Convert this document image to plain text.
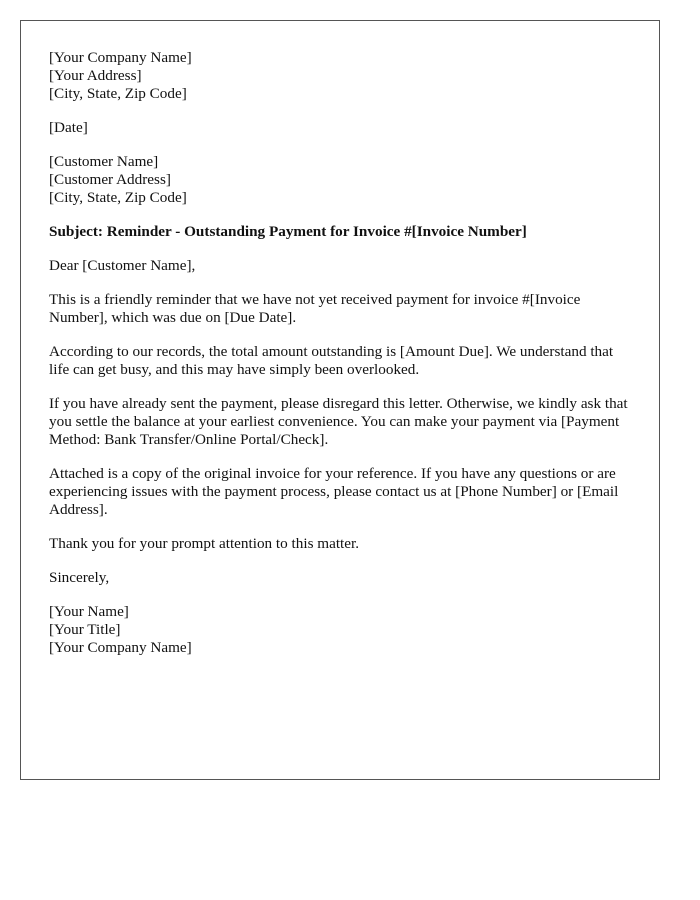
[Your Company Name]
[Your Address]
[City, State, Zip Code]
[Date]
[Customer Name]
[Customer Address]
[City, State, Zip Code]
Subject: Reminder - Outstanding Payment for Invoice #[Invoice Number]

Dear [Customer Name],

This is a friendly reminder that we have not yet received payment for invoice #[Invoice Number], which was due on [Due Date].

According to our records, the total amount outstanding is [Amount Due]. We understand that life can get busy, and this may have simply been overlooked.

If you have already sent the payment, please disregard this letter. Otherwise, we kindly ask that you settle the balance at your earliest convenience. You can make your payment via [Payment Method: Bank Transfer/Online Portal/Check].

Attached is a copy of the original invoice for your reference. If you have any questions or are experiencing issues with the payment process, please contact us at [Phone Number] or [Email Address].

Thank you for your prompt attention to this matter.

Sincerely,

[Your Name]
[Your Title]
[Your Company Name]
